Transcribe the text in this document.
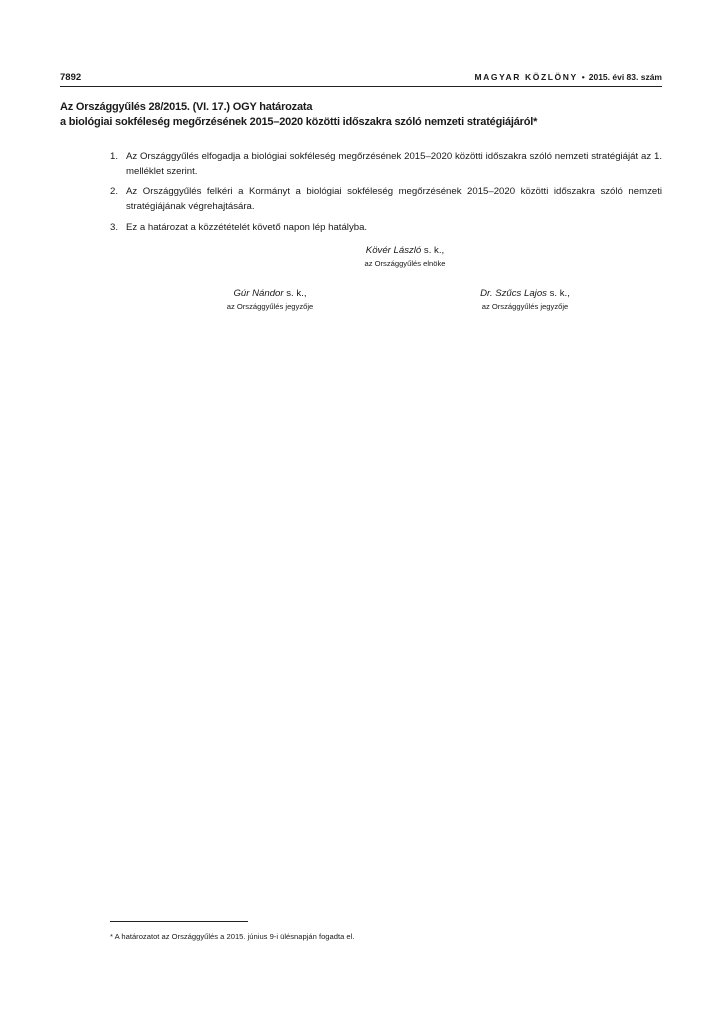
7892	MAGYAR KÖZLÖNY • 2015. évi 83. szám
Az Országgyűlés 28/2015. (VI. 17.) OGY határozata
a biológiai sokféleség megőrzésének 2015–2020 közötti időszakra szóló nemzeti stratégiájáról*
1. Az Országgyűlés elfogadja a biológiai sokféleség megőrzésének 2015–2020 közötti időszakra szóló nemzeti stratégiáját az 1. melléklet szerint.
2. Az Országgyűlés felkéri a Kormányt a biológiai sokféleség megőrzésének 2015–2020 közötti időszakra szóló nemzeti stratégiájának végrehajtására.
3. Ez a határozat a közzétételét követő napon lép hatályba.
Kövér László s. k.,
az Országgyűlés elnöke
Gúr Nándor s. k.,
az Országgyűlés jegyzője
Dr. Szűcs Lajos s. k.,
az Országgyűlés jegyzője
* A határozatot az Országgyűlés a 2015. június 9-i ülésnapján fogadta el.
